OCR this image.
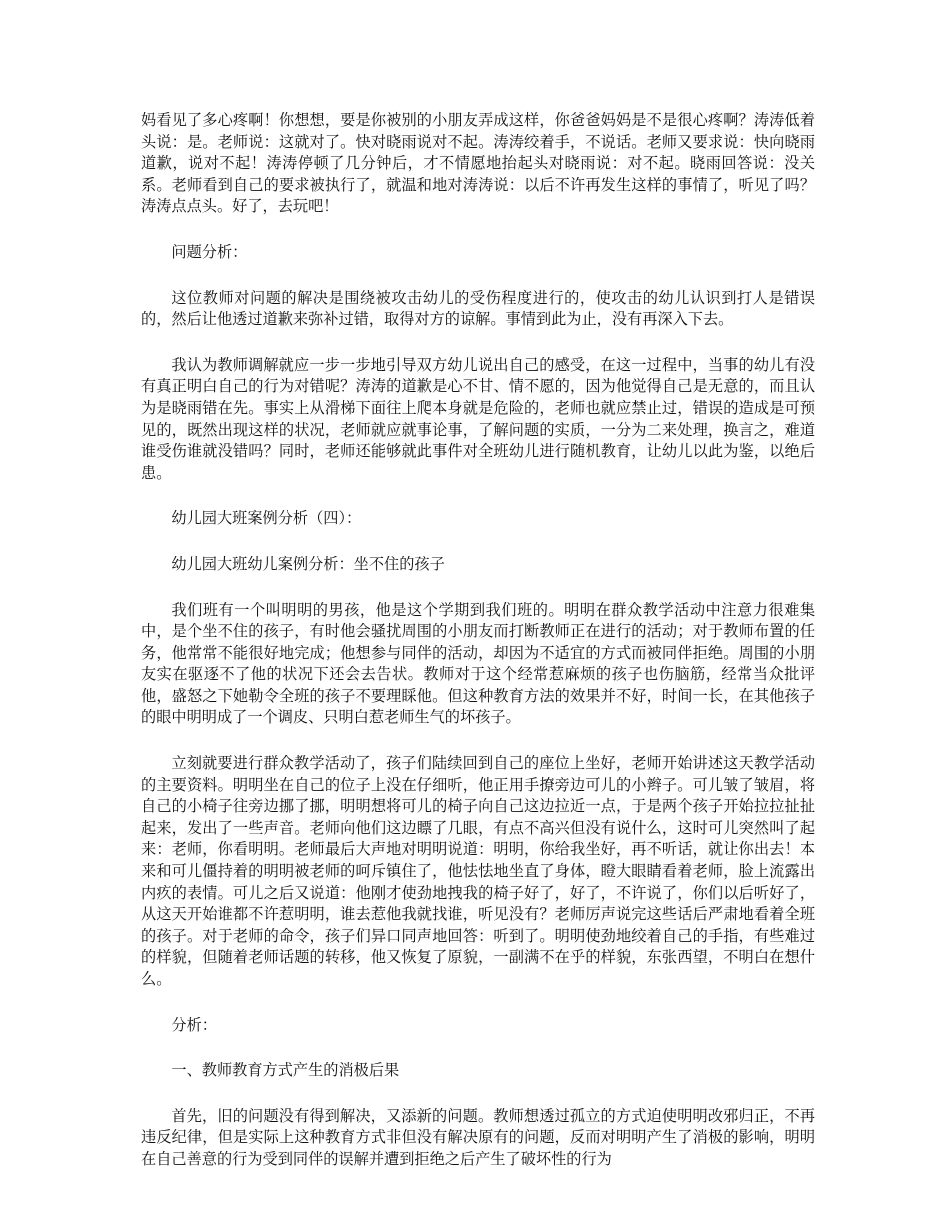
妈看见了多心疼啊！你想想，要是你被别的小朋友弄成这样，你爸爸妈妈是不是很心疼啊？涛涛低着头说：是。老师说：这就对了。快对晓雨说对不起。涛涛绞着手，不说话。老师又要求说：快向晓雨道歉，说对不起！涛涛停顿了几分钟后，才不情愿地抬起头对晓雨说：对不起。晓雨回答说：没关系。老师看到自己的要求被执行了，就温和地对涛涛说：以后不许再发生这样的事情了，听见了吗？涛涛点点头。好了，去玩吧！

问题分析：

这位教师对问题的解决是围绕被攻击幼儿的受伤程度进行的，使攻击的幼儿认识到打人是错误的，然后让他透过道歉来弥补过错，取得对方的谅解。事情到此为止，没有再深入下去。

我认为教师调解就应一步一步地引导双方幼儿说出自己的感受，在这一过程中，当事的幼儿有没有真正明白自己的行为对错呢？涛涛的道歉是心不甘、情不愿的，因为他觉得自己是无意的，而且认为是晓雨错在先。事实上从滑梯下面往上爬本身就是危险的，老师也就应禁止过，错误的造成是可预见的，既然出现这样的状况，老师就应就事论事，了解问题的实质，一分为二来处理，换言之，难道谁受伤谁就没错吗？同时，老师还能够就此事件对全班幼儿进行随机教育，让幼儿以此为鉴，以绝后患。

幼儿园大班案例分析（四）：

幼儿园大班幼儿案例分析：坐不住的孩子

我们班有一个叫明明的男孩，他是这个学期到我们班的。明明在群众教学活动中注意力很难集中，是个坐不住的孩子，有时他会骚扰周围的小朋友而打断教师正在进行的活动；对于教师布置的任务，他常常不能很好地完成；他想参与同伴的活动，却因为不适宜的方式而被同伴拒绝。周围的小朋友实在驱逐不了他的状况下还会去告状。教师对于这个经常惹麻烦的孩子也伤脑筋，经常当众批评他，盛怒之下她勒令全班的孩子不要理睬他。但这种教育方法的效果并不好，时间一长，在其他孩子的眼中明明成了一个调皮、只明白惹老师生气的坏孩子。

立刻就要进行群众教学活动了，孩子们陆续回到自己的座位上坐好，老师开始讲述这天教学活动的主要资料。明明坐在自己的位子上没在仔细听，他正用手撩旁边可儿的小辫子。可儿皱了皱眉，将自己的小椅子往旁边挪了挪，明明想将可儿的椅子向自己这边拉近一点，于是两个孩子开始拉拉扯扯起来，发出了一些声音。老师向他们这边瞟了几眼，有点不高兴但没有说什么，这时可儿突然叫了起来：老师，你看明明。老师最后大声地对明明说道：明明，你给我坐好，再不听话，就让你出去！本来和可儿僵持着的明明被老师的呵斥镇住了，他怯怯地坐直了身体，瞪大眼睛看着老师，脸上流露出内疚的表情。可儿之后又说道：他刚才使劲地拽我的椅子好了，好了，不许说了，你们以后听好了，从这天开始谁都不许惹明明，谁去惹他我就找谁，听见没有？老师厉声说完这些话后严肃地看着全班的孩子。对于老师的命令，孩子们异口同声地回答：听到了。明明使劲地绞着自己的手指，有些难过的样貌，但随着老师话题的转移，他又恢复了原貌，一副满不在乎的样貌，东张西望，不明白在想什么。

分析：

一、教师教育方式产生的消极后果

首先，旧的问题没有得到解决，又添新的问题。教师想透过孤立的方式迫使明明改邪归正，不再违反纪律，但是实际上这种教育方式非但没有解决原有的问题，反而对明明产生了消极的影响，明明在自己善意的行为受到同伴的误解并遭到拒绝之后产生了破坏性的行为
